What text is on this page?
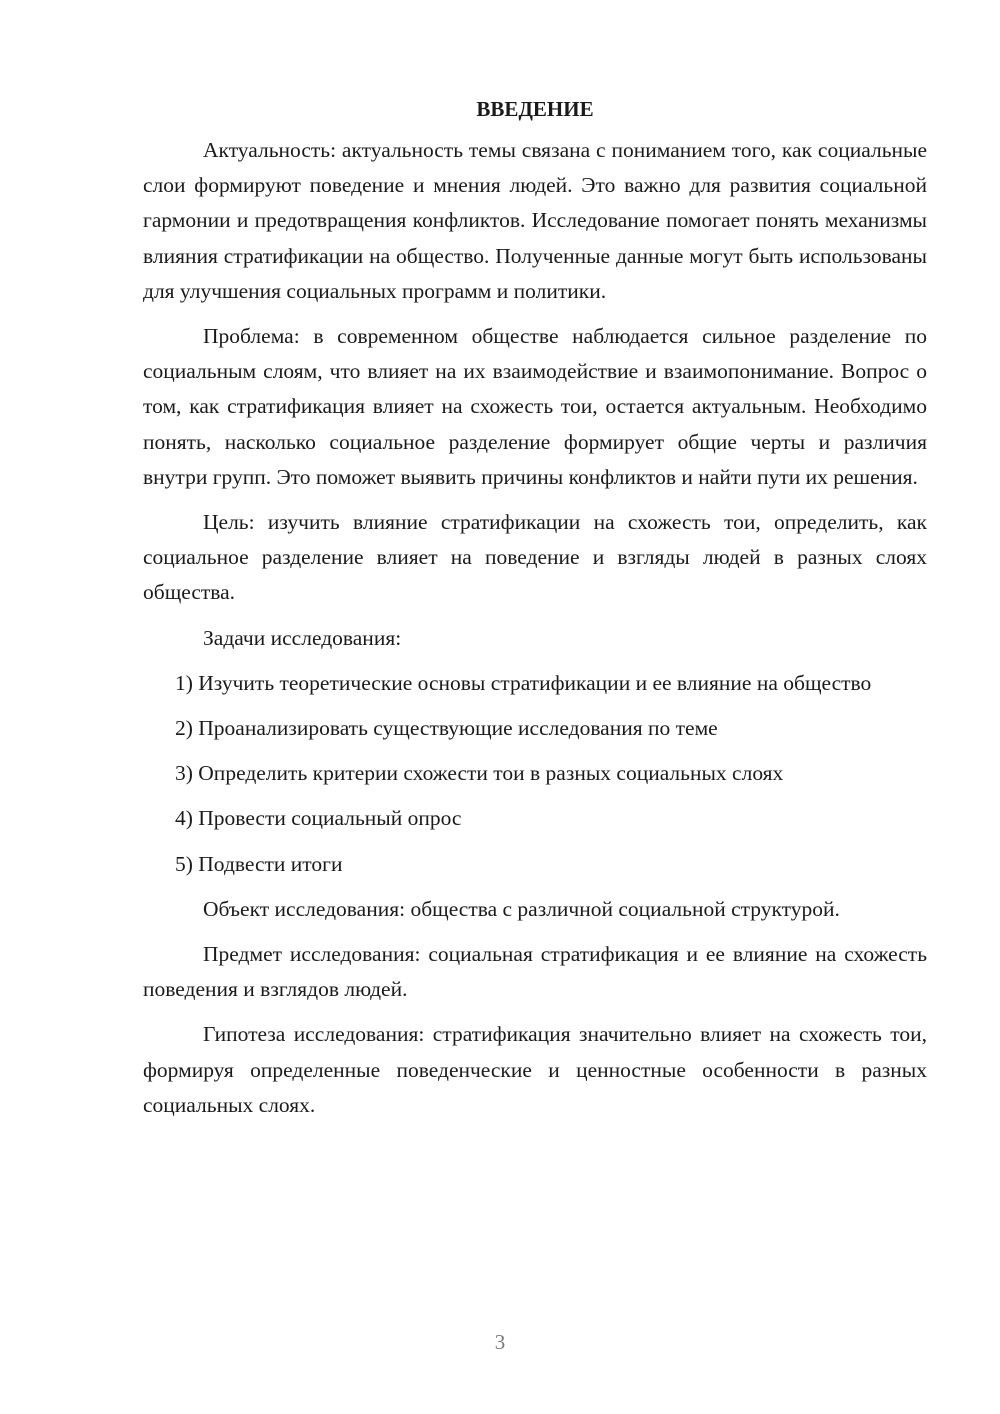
ВВЕДЕНИЕ

Актуальность: актуальность темы связана с пониманием того, как социальные слои формируют поведение и мнения людей. Это важно для развития социальной гармонии и предотвращения конфликтов. Исследование помогает понять механизмы влияния стратификации на общество. Полученные данные могут быть использованы для улучшения социальных программ и политики.

Проблема: в современном обществе наблюдается сильное разделение по социальным слоям, что влияет на их взаимодействие и взаимопонимание. Вопрос о том, как стратификация влияет на схожесть тои, остается актуальным. Необходимо понять, насколько социальное разделение формирует общие черты и различия внутри групп. Это поможет выявить причины конфликтов и найти пути их решения.

Цель: изучить влияние стратификации на схожесть тои, определить, как социальное разделение влияет на поведение и взгляды людей в разных слоях общества.

Задачи исследования:

1) Изучить теоретические основы стратификации и ее влияние на общество

2) Проанализировать существующие исследования по теме

3) Определить критерии схожести тои в разных социальных слоях

4) Провести социальный опрос

5) Подвести итоги

Объект исследования: общества с различной социальной структурой.

Предмет исследования: социальная стратификация и ее влияние на схожесть поведения и взглядов людей.

Гипотеза исследования: стратификация значительно влияет на схожесть тои, формируя определенные поведенческие и ценностные особенности в разных социальных слоях.

3
